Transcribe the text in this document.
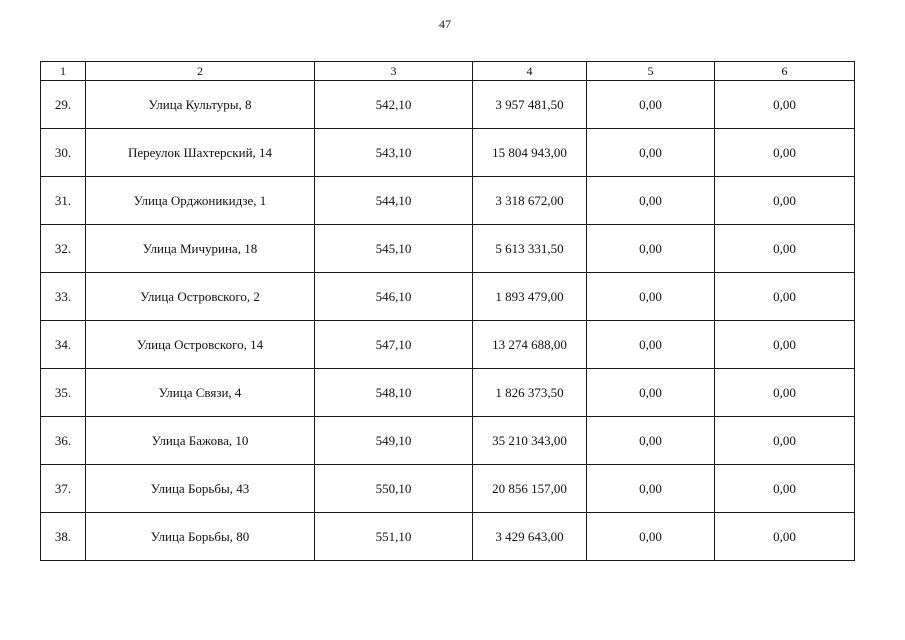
47
1	2	3	4	5	6
29.	Улица Культуры, 8	542,10	3 957 481,50	0,00	0,00
30.	Переулок Шахтерский, 14	543,10	15 804 943,00	0,00	0,00
31.	Улица Орджоникидзе, 1	544,10	3 318 672,00	0,00	0,00
32.	Улица Мичурина, 18	545,10	5 613 331,50	0,00	0,00
33.	Улица Островского, 2	546,10	1 893 479,00	0,00	0,00
34.	Улица Островского, 14	547,10	13 274 688,00	0,00	0,00
35.	Улица Связи, 4	548,10	1 826 373,50	0,00	0,00
36.	Улица Бажова, 10	549,10	35 210 343,00	0,00	0,00
37.	Улица Борьбы, 43	550,10	20 856 157,00	0,00	0,00
38.	Улица Борьбы, 80	551,10	3 429 643,00	0,00	0,00
